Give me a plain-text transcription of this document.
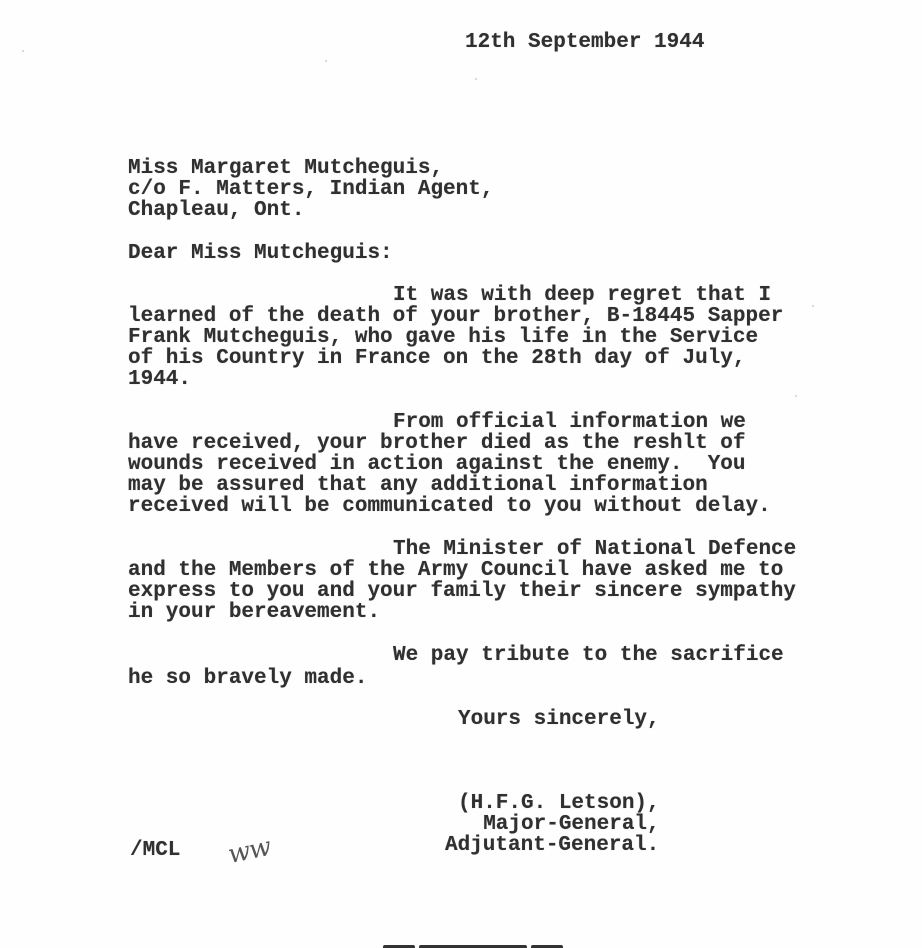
12th September 1944
Miss Margaret Mutcheguis,
c/o F. Matters, Indian Agent,
Chapleau, Ont.
Dear Miss Mutcheguis:
It was with deep regret that I
learned of the death of your brother, B-18445 Sapper
Frank Mutcheguis, who gave his life in the Service
of his Country in France on the 28th day of July,
1944.
From official information we
have received, your brother died as the reshlt of
wounds received in action against the enemy.  You
may be assured that any additional information
received will be communicated to you without delay.
The Minister of National Defence
and the Members of the Army Council have asked me to
express to you and your family their sincere sympathy
in your bereavement.
We pay tribute to the sacrifice
he so bravely made.
Yours sincerely,
(H.F.G. Letson),
Major-General,
Adjutant-General.
/MCL ww
